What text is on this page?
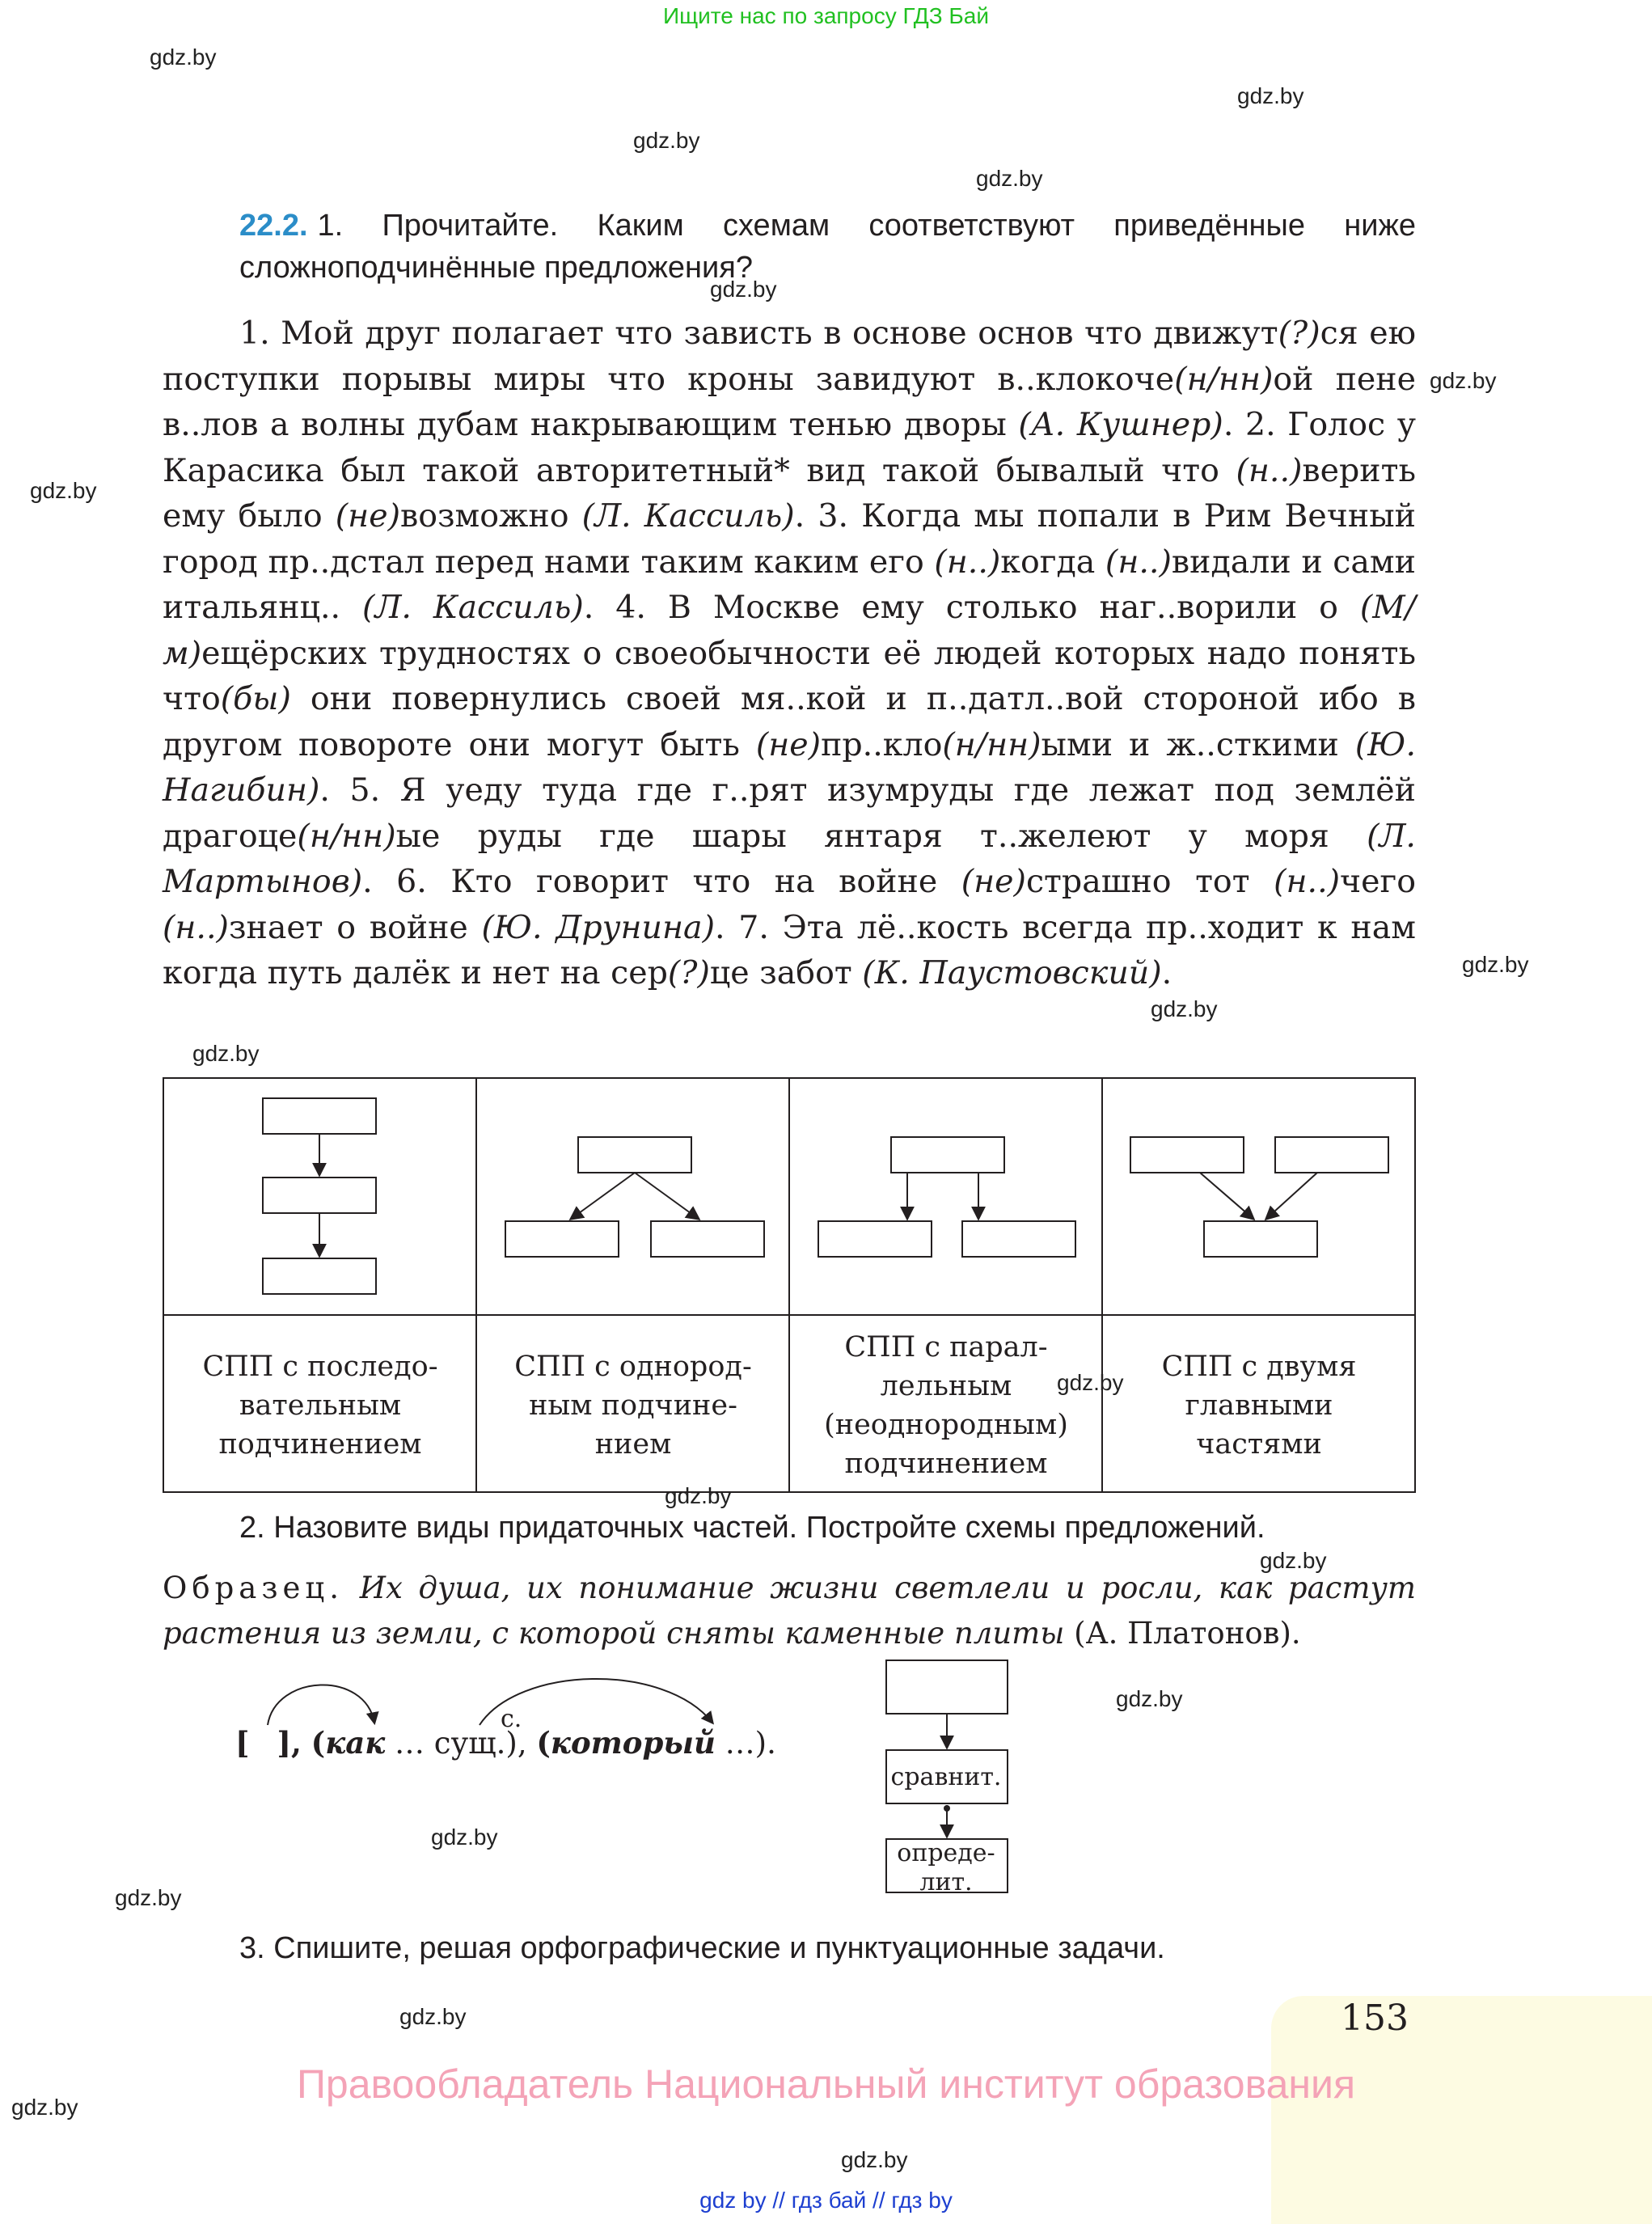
Ищите нас по запросу ГДЗ Бай
gdz.by
gdz.by
gdz.by
gdz.by
gdz.by
gdz.by
gdz.by
gdz.by
gdz.by
gdz.by
gdz.by
gdz.by
gdz.by
gdz.by
gdz.by
gdz.by
gdz.by
gdz.by
gdz.by
22.2. 1. Прочитайте. Каким схемам соответствуют приведённые ниже сложноподчинённые предложения?

1. Мой друг полагает что зависть в основе основ что движут(?)ся ею поступки порывы миры что кроны завидуют в..клокоче(н/нн)ой пене в..лов а волны дубам накрывающим тенью дворы (А. Кушнер). 2. Голос у Карасика был такой авторитетный* вид такой бывалый что (н..)верить ему было (не)возможно (Л. Кассиль). 3. Когда мы попали в Рим Вечный город пр..дстал перед нами таким каким его (н..)когда (н..)видали и сами итальянц.. (Л. Кассиль). 4. В Москве ему столько наг..ворили о (М/м)ещёрских трудностях о своеобычности её людей которых надо понять что(бы) они повернулись своей мя..кой и п..датл..вой стороной ибо в другом повороте они могут быть (не)пр..кло(н/нн)ыми и ж..сткими (Ю. Нагибин). 5. Я уеду туда где г..рят изумруды где лежат под землёй драгоце(н/нн)ые руды где шары янтаря т..желеют у моря (Л. Мартынов). 6. Кто говорит что на войне (не)страшно тот (н..)чего (н..)знает о войне (Ю. Друнина). 7. Эта лё..кость всегда пр..ходит к нам когда путь далёк и нет на сер(?)це забот (К. Паустовский).

СПП с последо-
вательным
подчинением
СПП с однород-
ным подчине-
нием
СПП с парал-
лельным
(неоднородным)
подчинением
СПП с двумя
главными
частями
2. Назовите виды придаточных частей. Постройте схемы предложений.
Образец. Их душа, их понимание жизни светлели и росли, как растут растения из земли, с которой сняты каменные плиты (А. Платонов).
с.
[ ], (как … сущ.), (который …).
сравнит.
опреде-
лит.
3. Спишите, решая орфографические и пунктуационные задачи.
153
Правообладатель Национальный институт образования
gdz by // гдз бай // гдз by
